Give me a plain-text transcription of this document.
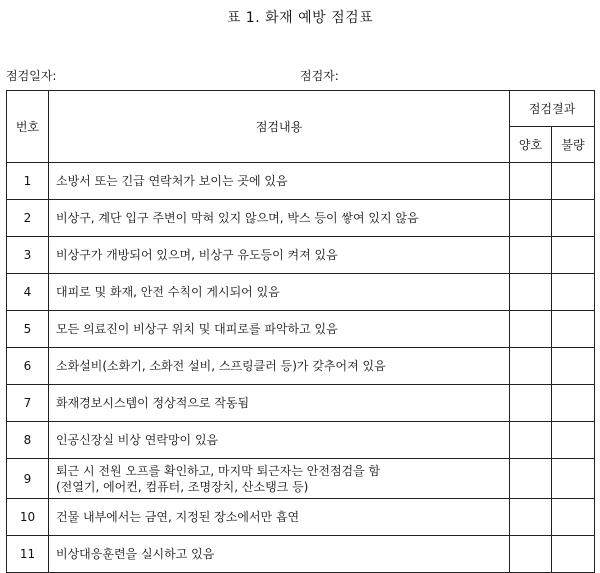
표 1. 화재 예방 점검표
점검일자:	점검자:
번호	점검내용	점검결과	
		양호	불량
1	소방서 또는 긴급 연락처가 보이는 곳에 있음		

2	비상구, 계단 입구 주변이 막혀 있지 않으며, 박스 등이 쌓여 있지 않음		

3	비상구가 개방되어 있으며, 비상구 유도등이 켜져 있음		

4	대피로 및 화재, 안전 수칙이 게시되어 있음		

5	모든 의료진이 비상구 위치 및 대피로를 파악하고 있음		

6	소화설비(소화기, 소화전 설비, 스프링클러 등)가 갖추어져 있음		

7	화재경보시스템이 정상적으로 작동됨		

8	인공신장실 비상 연락망이 있음		

9	퇴근 시 전원 오프를 확인하고, 마지막 퇴근자는 안전점검을 함
(전열기, 에어컨, 컴퓨터, 조명장치, 산소탱크 등)		

10	건물 내부에서는 금연, 지정된 장소에서만 흡연		

11	비상대응훈련을 실시하고 있음		
